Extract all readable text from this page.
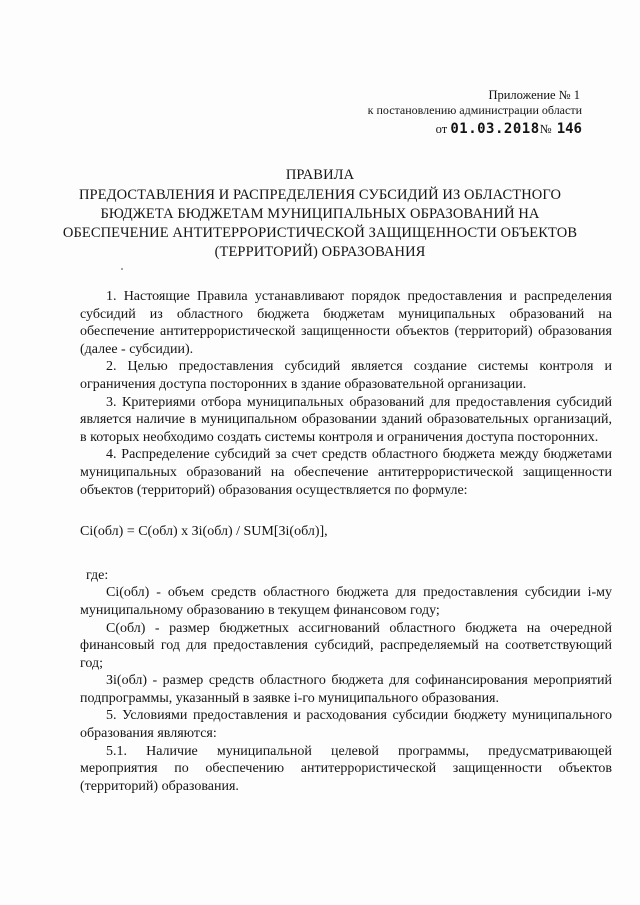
Приложение № 1
к постановлению администрации области
от 01.03.2018№ 146
ПРАВИЛА
ПРЕДОСТАВЛЕНИЯ И РАСПРЕДЕЛЕНИЯ СУБСИДИЙ ИЗ ОБЛАСТНОГО
БЮДЖЕТА БЮДЖЕТАМ МУНИЦИПАЛЬНЫХ ОБРАЗОВАНИЙ НА
ОБЕСПЕЧЕНИЕ АНТИТЕРРОРИСТИЧЕСКОЙ ЗАЩИЩЕННОСТИ ОБЪЕКТОВ
(ТЕРРИТОРИЙ) ОБРАЗОВАНИЯ

1. Настоящие Правила устанавливают порядок предоставления и распределения субсидий из областного бюджета бюджетам муниципальных образований на обеспечение антитеррористической защищенности объектов (территорий) образования (далее - субсидии).

2. Целью предоставления субсидий является создание системы контроля и ограничения доступа посторонних в здание образовательной организации.

3. Критериями отбора муниципальных образований для предоставления субсидий является наличие в муниципальном образовании зданий образовательных организаций, в которых необходимо создать системы контроля и ограничения доступа посторонних.

4. Распределение субсидий за счет средств областного бюджета между бюджетами муниципальных образований на обеспечение антитеррористической защищенности объектов (территорий) образования осуществляется по формуле:

Ci(обл) = C(обл) x Зi(обл) / SUM[Зi(обл)],

где:

Ci(обл) - объем средств областного бюджета для предоставления субсидии i-му муниципальному образованию в текущем финансовом году;

C(обл) - размер бюджетных ассигнований областного бюджета на очередной финансовый год для предоставления субсидий, распределяемый на соответствующий год;

Зi(обл) - размер средств областного бюджета для софинансирования мероприятий подпрограммы, указанный в заявке i-го муниципального образования.

5. Условиями предоставления и расходования субсидии бюджету муниципального образования являются:

5.1. Наличие муниципальной целевой программы, предусматривающей мероприятия по обеспечению антитеррористической защищенности объектов (территорий) образования.
